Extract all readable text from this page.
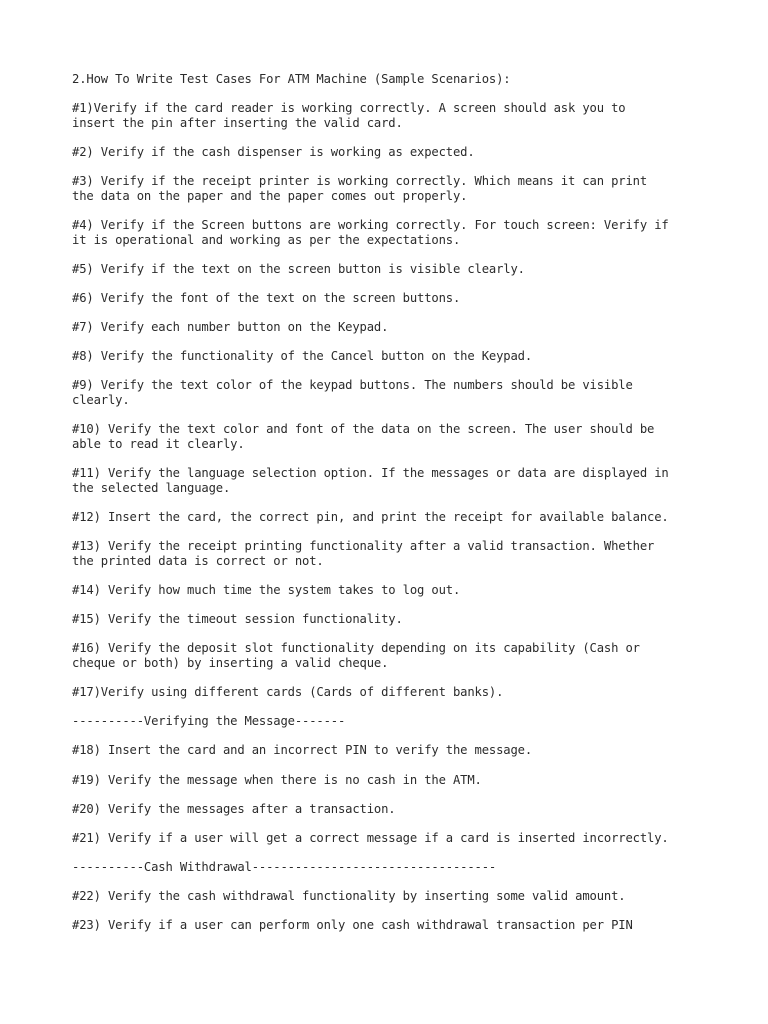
2.How To Write Test Cases For ATM Machine (Sample Scenarios):
#1)Verify if the card reader is working correctly. A screen should ask you to
insert the pin after inserting the valid card.
#2) Verify if the cash dispenser is working as expected.
#3) Verify if the receipt printer is working correctly. Which means it can print
the data on the paper and the paper comes out properly.
#4) Verify if the Screen buttons are working correctly. For touch screen: Verify if
it is operational and working as per the expectations.
#5) Verify if the text on the screen button is visible clearly.
#6) Verify the font of the text on the screen buttons.
#7) Verify each number button on the Keypad.
#8) Verify the functionality of the Cancel button on the Keypad.
#9) Verify the text color of the keypad buttons. The numbers should be visible
clearly.
#10) Verify the text color and font of the data on the screen. The user should be
able to read it clearly.
#11) Verify the language selection option. If the messages or data are displayed in
the selected language.
#12) Insert the card, the correct pin, and print the receipt for available balance.
#13) Verify the receipt printing functionality after a valid transaction. Whether
the printed data is correct or not.
#14) Verify how much time the system takes to log out.
#15) Verify the timeout session functionality.
#16) Verify the deposit slot functionality depending on its capability (Cash or
cheque or both) by inserting a valid cheque.
#17)Verify using different cards (Cards of different banks).
----------Verifying the Message-------
#18) Insert the card and an incorrect PIN to verify the message.
#19) Verify the message when there is no cash in the ATM.
#20) Verify the messages after a transaction.
#21) Verify if a user will get a correct message if a card is inserted incorrectly.
----------Cash Withdrawal----------------------------------
#22) Verify the cash withdrawal functionality by inserting some valid amount.
#23) Verify if a user can perform only one cash withdrawal transaction per PIN
